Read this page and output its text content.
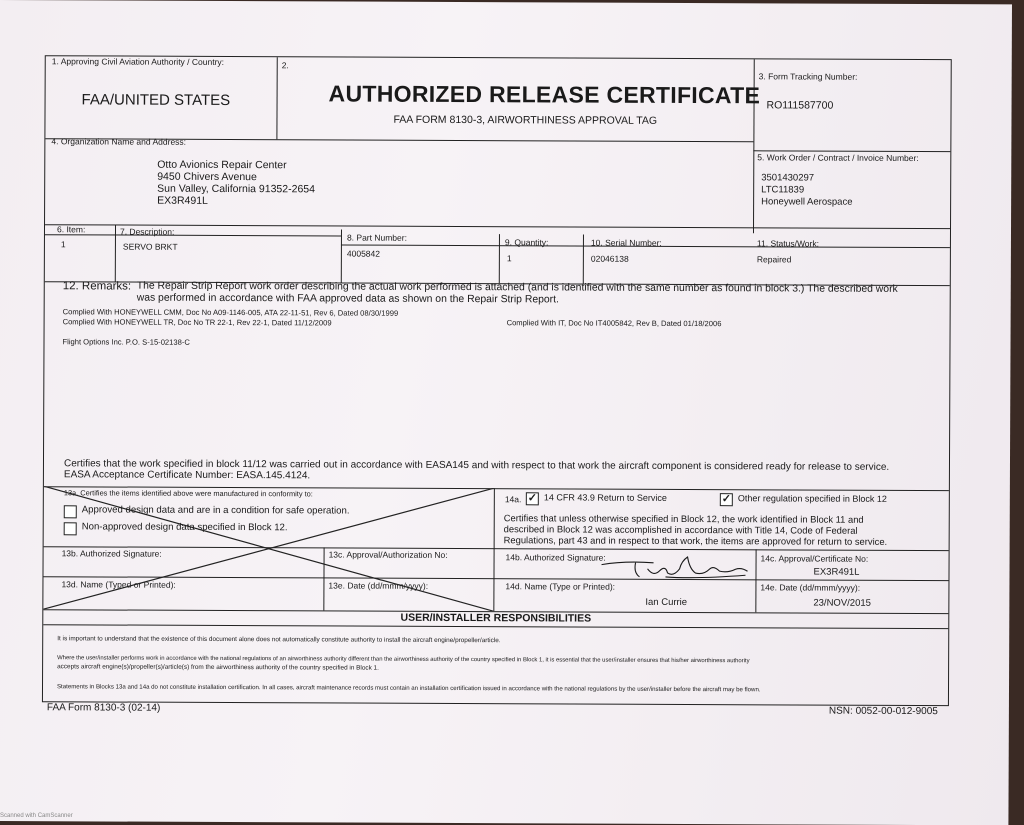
1. Approving Civil Aviation Authority / Country:
FAA/UNITED STATES
2.
AUTHORIZED RELEASE CERTIFICATE
FAA FORM 8130-3, AIRWORTHINESS APPROVAL TAG
3. Form Tracking Number:
RO111587700
4. Organization Name and Address:
Otto Avionics Repair Center
9450 Chivers Avenue
Sun Valley, California 91352-2654
EX3R491L
5. Work Order / Contract / Invoice Number:
3501430297
LTC11839
Honeywell Aerospace
6. Item:	7. Description:
8. Part Number:	9. Quantity:	10. Serial Number:	11. Status/Work:
1	SERVO BRKT
4005842	1	02046138	Repaired
12. Remarks: The Repair Strip Report work order describing the actual work performed is attached (and is identified with the same number as found in block 3.) The described work
was performed in accordance with FAA approved data as shown on the Repair Strip Report.
Complied With HONEYWELL CMM, Doc No A09-1146-005, ATA 22-11-51, Rev 6, Dated 08/30/1999
Complied With HONEYWELL TR, Doc No TR 22-1, Rev 22-1, Dated 11/12/2009	Complied With IT, Doc No IT4005842, Rev B, Dated 01/18/2006
Flight Options Inc. P.O. S-15-02138-C
Certifies that the work specified in block 11/12 was carried out in accordance with EASA145 and with respect to that work the aircraft component is considered ready for release to service.
EASA Acceptance Certificate Number: EASA.145.4124.
13a. Certifies the items identified above were manufactured in conformity to:
Approved design data and are in a condition for safe operation.
Non-approved design data specified in Block 12.
13b. Authorized Signature:	13c. Approval/Authorization No:
13d. Name (Typed or Printed):	13e. Date (dd/mmm/yyyy):
14a. ✓ 14 CFR 43.9 Return to Service	✓ Other regulation specified in Block 12
Certifies that unless otherwise specified in Block 12, the work identified in Block 11 and
described in Block 12 was accomplished in accordance with Title 14, Code of Federal
Regulations, part 43 and in respect to that work, the items are approved for return to service.
14b. Authorized Signature:	14c. Approval/Certificate No:
EX3R491L
14d. Name (Type or Printed):
Ian Currie
14e. Date (dd/mmm/yyyy):
23/NOV/2015
USER/INSTALLER RESPONSIBILITIES
It is important to understand that the existence of this document alone does not automatically constitute authority to install the aircraft engine/propeller/article.
Where the user/installer performs work in accordance with the national regulations of an airworthiness authority different than the airworthiness authority of the country specified in Block 1, it is essential that the user/installer ensures that his/her airworthiness authority
accepts aircraft engine(s)/propeller(s)/article(s) from the airworthiness authority of the country specified in Block 1.
Statements in Blocks 13a and 14a do not constitute installation certification. In all cases, aircraft maintenance records must contain an installation certification issued in accordance with the national regulations by the user/installer before the aircraft may be flown.
FAA Form 8130-3 (02-14)	NSN: 0052-00-012-9005
Scanned with CamScanner
